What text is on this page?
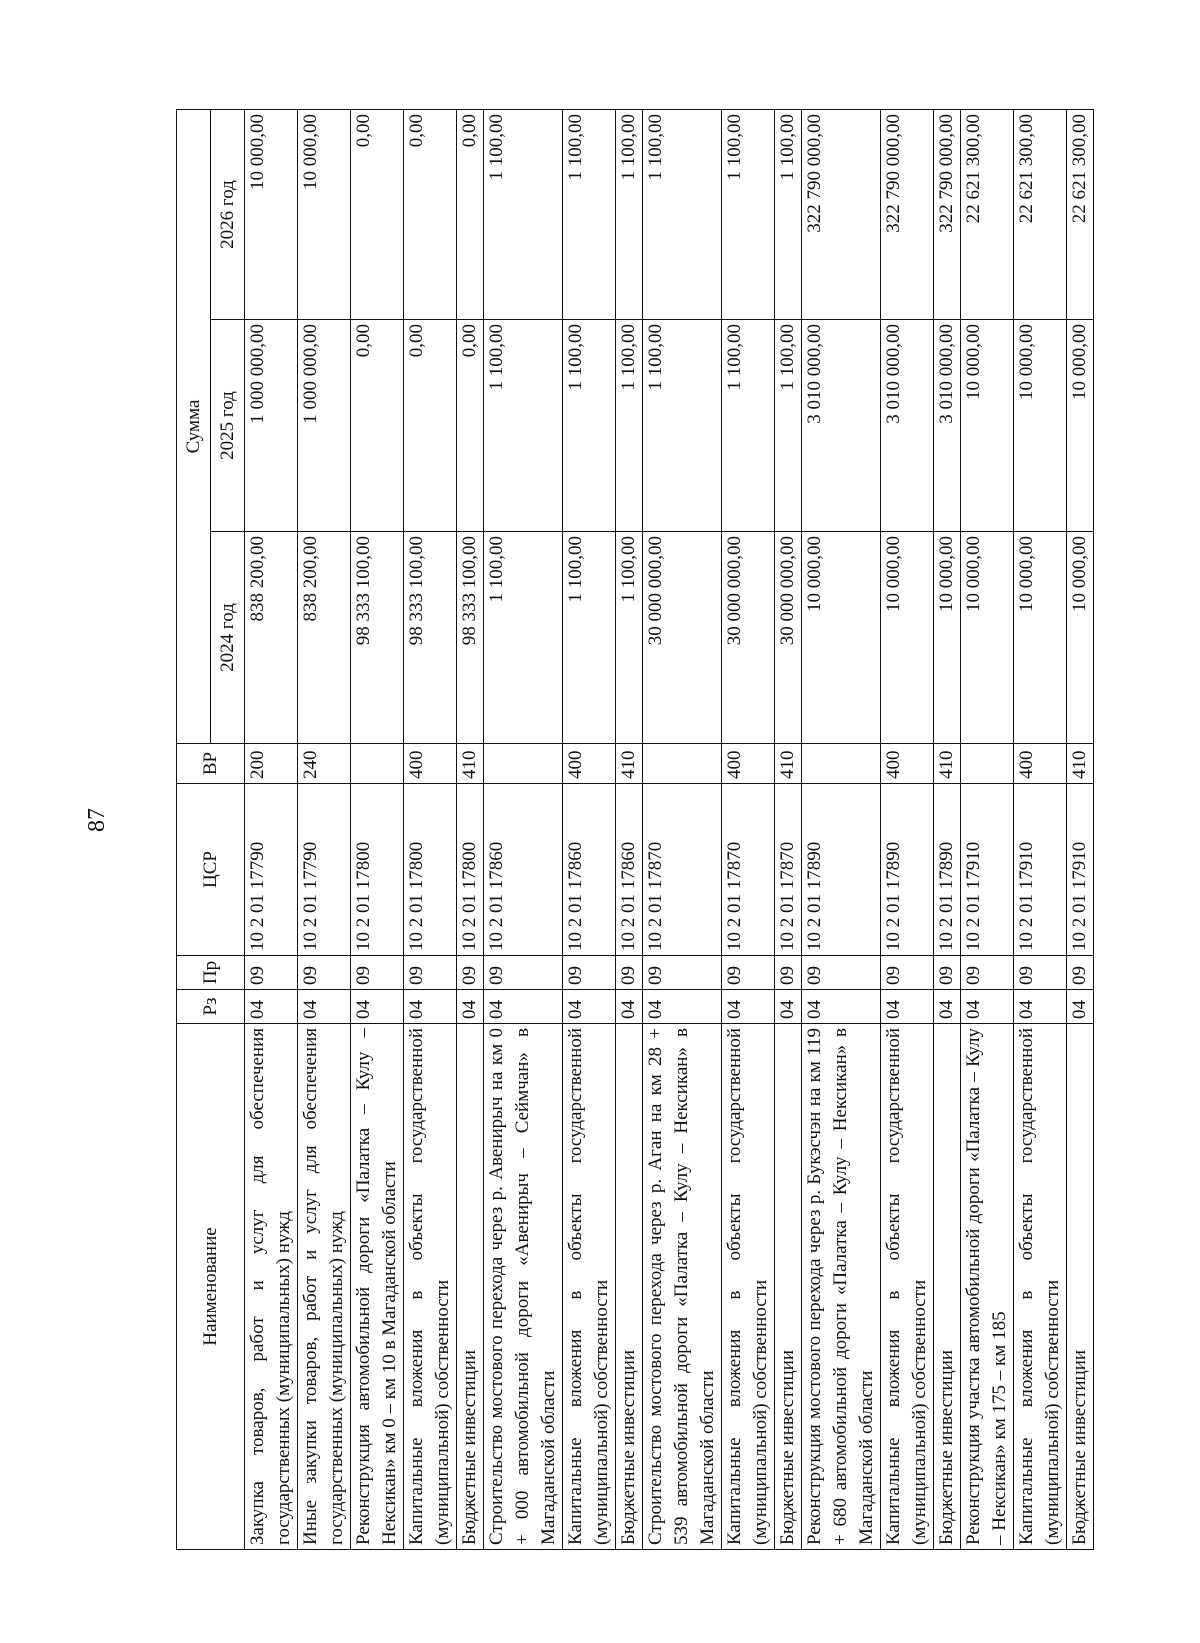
87
Наименование	Рз	Пр	ЦСР	ВР	Сумма		
					2024 год	2025 год	2026 год
Закупка товаров, работ и услуг для обеспечения государственных (муниципальных) нужд	04	09	10 2 01 17790	200	838 200,00	1 000 000,00	10 000,00
Иные закупки товаров, работ и услуг для обеспечения государственных (муниципальных) нужд	04	09	10 2 01 17790	240	838 200,00	1 000 000,00	10 000,00
Реконструкция автомобильной дороги «Палатка – Кулу – Нексикан» км 0 – км 10 в Магаданской области	04	09	10 2 01 17800		98 333 100,00	0,00	0,00
Капитальные вложения в объекты государственной (муниципальной) собственности	04	09	10 2 01 17800	400	98 333 100,00	0,00	0,00
Бюджетные инвестиции	04	09	10 2 01 17800	410	98 333 100,00	0,00	0,00
Строительство мостового перехода через р. Авенирыч на км 0 + 000 автомобильной дороги «Авенирыч – Сеймчан» в Магаданской области	04	09	10 2 01 17860		1 100,00	1 100,00	1 100,00
Капитальные вложения в объекты государственной (муниципальной) собственности	04	09	10 2 01 17860	400	1 100,00	1 100,00	1 100,00
Бюджетные инвестиции	04	09	10 2 01 17860	410	1 100,00	1 100,00	1 100,00
Строительство мостового перехода через р. Аган на км 28 + 539 автомобильной дороги «Палатка – Кулу – Нексикан» в Магаданской области	04	09	10 2 01 17870		30 000 000,00	1 100,00	1 100,00
Капитальные вложения в объекты государственной (муниципальной) собственности	04	09	10 2 01 17870	400	30 000 000,00	1 100,00	1 100,00
Бюджетные инвестиции	04	09	10 2 01 17870	410	30 000 000,00	1 100,00	1 100,00
Реконструкция мостового перехода через р. Букэсчэн на км 119 + 680 автомобильной дороги «Палатка – Кулу – Нексикан» в Магаданской области	04	09	10 2 01 17890		10 000,00	3 010 000,00	322 790 000,00
Капитальные вложения в объекты государственной (муниципальной) собственности	04	09	10 2 01 17890	400	10 000,00	3 010 000,00	322 790 000,00
Бюджетные инвестиции	04	09	10 2 01 17890	410	10 000,00	3 010 000,00	322 790 000,00
Реконструкция участка автомобильной дороги «Палатка – Кулу – Нексикан» км 175 – км 185	04	09	10 2 01 17910		10 000,00	10 000,00	22 621 300,00
Капитальные вложения в объекты государственной (муниципальной) собственности	04	09	10 2 01 17910	400	10 000,00	10 000,00	22 621 300,00
Бюджетные инвестиции	04	09	10 2 01 17910	410	10 000,00	10 000,00	22 621 300,00
